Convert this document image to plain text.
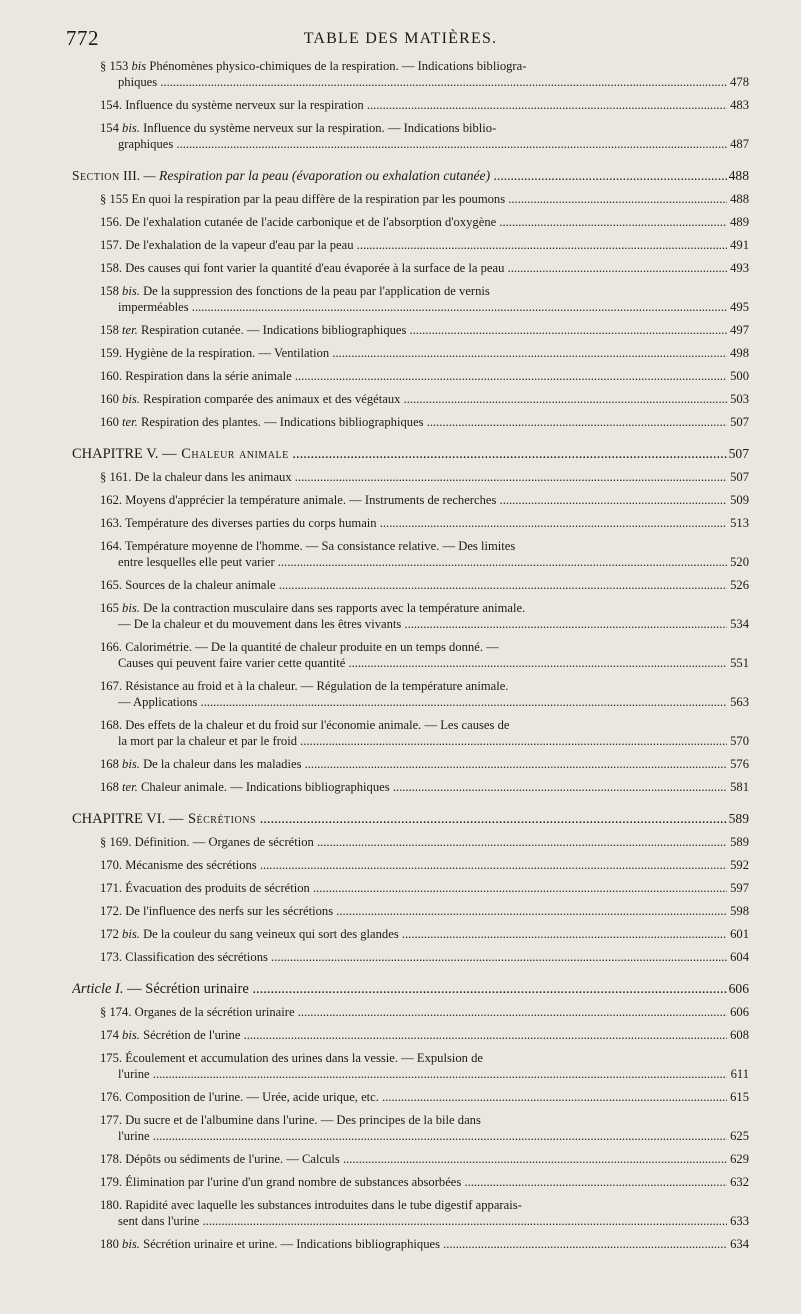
772	TABLE DES MATIÈRES.
§ 153 bis Phénomènes physico-chimiques de la respiration. — Indications bibliogra-
phiques .....	478
154. Influence du système nerveux sur la respiration .....	483
154 bis. Influence du système nerveux sur la respiration. — Indications biblio-
graphiques .....	487
Section III. — Respiration par la peau (évaporation ou exhalation cutanée) .....	488
§ 155 En quoi la respiration par la peau diffère de la respiration par les poumons .....	488
156. De l'exhalation cutanée de l'acide carbonique et de l'absorption d'oxygène .....	489
157. De l'exhalation de la vapeur d'eau par la peau .....	491
158. Des causes qui font varier la quantité d'eau évaporée à la surface de la peau .....	493
158 bis. De la suppression des fonctions de la peau par l'application de vernis
imperméables .....	495
158 ter. Respiration cutanée. — Indications bibliographiques .....	497
159. Hygiène de la respiration. — Ventilation .....	498
160. Respiration dans la série animale .....	500
160 bis. Respiration comparée des animaux et des végétaux .....	503
160 ter. Respiration des plantes. — Indications bibliographiques .....	507
CHAPITRE V. — Chaleur animale .....	507
§ 161. De la chaleur dans les animaux .....	507
162. Moyens d'apprécier la température animale. — Instruments de recherches .....	509
163. Température des diverses parties du corps humain .....	513
164. Température moyenne de l'homme. — Sa consistance relative. — Des limites
entre lesquelles elle peut varier .....	520
165. Sources de la chaleur animale .....	526
165 bis. De la contraction musculaire dans ses rapports avec la température animale.
— De la chaleur et du mouvement dans les êtres vivants .....	534
166. Calorimétrie. — De la quantité de chaleur produite en un temps donné. —
Causes qui peuvent faire varier cette quantité .....	551
167. Résistance au froid et à la chaleur. — Régulation de la température animale.
— Applications .....	563
168. Des effets de la chaleur et du froid sur l'économie animale. — Les causes de
la mort par la chaleur et par le froid .....	570
168 bis. De la chaleur dans les maladies .....	576
168 ter. Chaleur animale. — Indications bibliographiques .....	581
CHAPITRE VI. — Sécrétions .....	589
§ 169. Définition. — Organes de sécrétion .....	589
170. Mécanisme des sécrétions .....	592
171. Évacuation des produits de sécrétion .....	597
172. De l'influence des nerfs sur les sécrétions .....	598
172 bis. De la couleur du sang veineux qui sort des glandes .....	601
173. Classification des sécrétions .....	604
Article I. — Sécrétion urinaire .....	606
§ 174. Organes de la sécrétion urinaire .....	606
174 bis. Sécrétion de l'urine .....	608
175. Écoulement et accumulation des urines dans la vessie. — Expulsion de
l'urine .....	611
176. Composition de l'urine. — Urée, acide urique, etc. .....	615
177. Du sucre et de l'albumine dans l'urine. — Des principes de la bile dans
l'urine .....	625
178. Dépôts ou sédiments de l'urine. — Calculs .....	629
179. Élimination par l'urine d'un grand nombre de substances absorbées .....	632
180. Rapidité avec laquelle les substances introduites dans le tube digestif apparais-
sent dans l'urine .....	633
180 bis. Sécrétion urinaire et urine. — Indications bibliographiques .....	634
